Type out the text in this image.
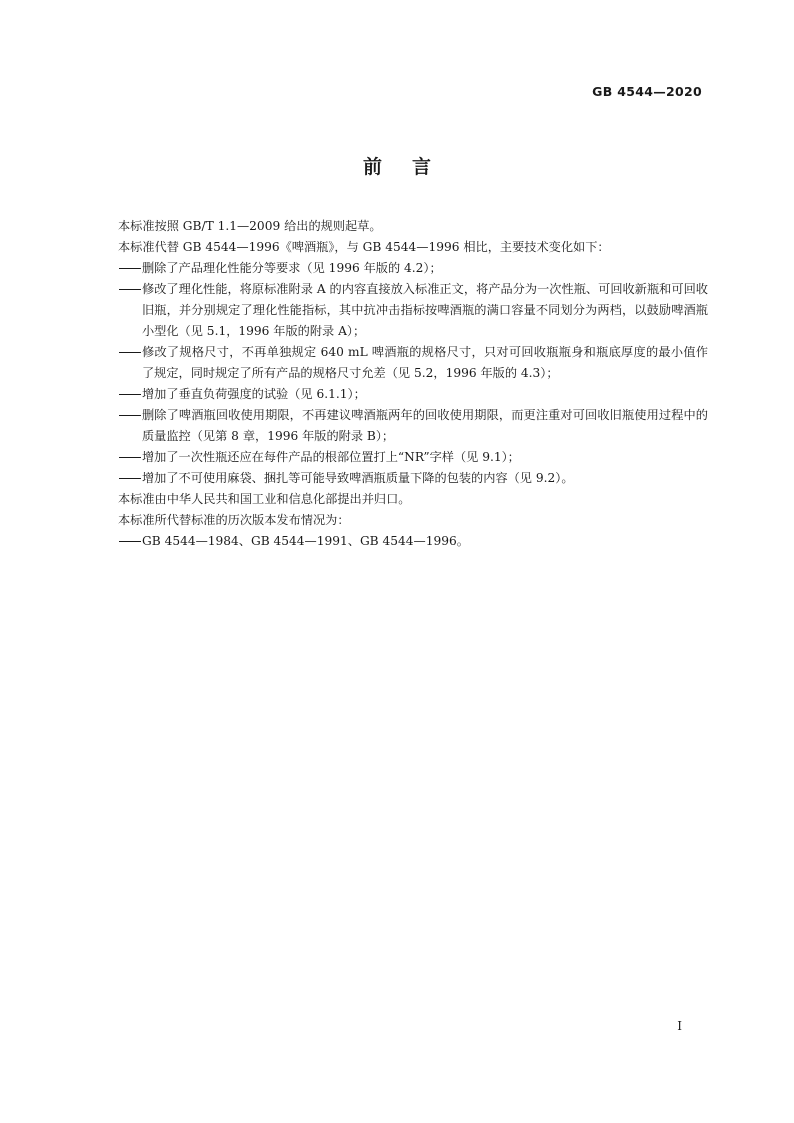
GB 4544—2020
前言

本标准按照 GB/T 1.1—2009 给出的规则起草。

本标准代替 GB 4544—1996《啤酒瓶》，与 GB 4544—1996 相比，主要技术变化如下：

删除了产品理化性能分等要求（见 1996 年版的 4.2）；
修改了理化性能，将原标准附录 A 的内容直接放入标准正文，将产品分为一次性瓶、可回收新瓶和可回收旧瓶，并分别规定了理化性能指标，其中抗冲击指标按啤酒瓶的满口容量不同划分为两档，以鼓励啤酒瓶小型化（见 5.1，1996 年版的附录 A）；
修改了规格尺寸，不再单独规定 640 mL 啤酒瓶的规格尺寸，只对可回收瓶瓶身和瓶底厚度的最小值作了规定，同时规定了所有产品的规格尺寸允差（见 5.2，1996 年版的 4.3）；
增加了垂直负荷强度的试验（见 6.1.1）；
删除了啤酒瓶回收使用期限，不再建议啤酒瓶两年的回收使用期限，而更注重对可回收旧瓶使用过程中的质量监控（见第 8 章，1996 年版的附录 B）；
增加了一次性瓶还应在每件产品的根部位置打上“NR”字样（见 9.1）；
增加了不可使用麻袋、捆扎等可能导致啤酒瓶质量下降的包装的内容（见 9.2）。

本标准由中华人民共和国工业和信息化部提出并归口。

本标准所代替标准的历次版本发布情况为：

GB 4544—1984、GB 4544—1991、GB 4544—1996。
I
